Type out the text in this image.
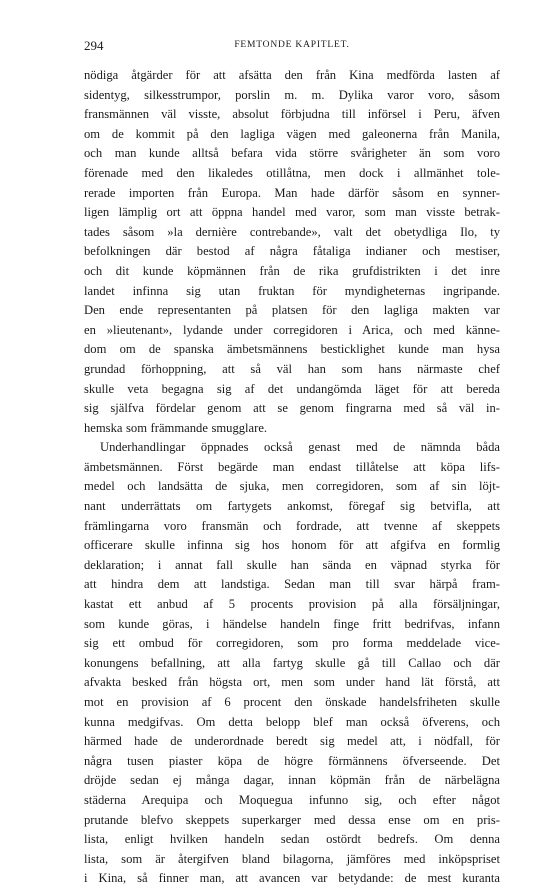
294	FEMTONDE KAPITLET.
nödiga åtgärder för att afsätta den från Kina medförda lasten af
sidentyg, silkesstrumpor, porslin m. m. Dylika varor voro, såsom
fransmännen väl visste, absolut förbjudna till införsel i Peru, äfven
om de kommit på den lagliga vägen med galeonerna från Manila,
och man kunde alltså befara vida större svårigheter än som voro
förenade med den likaledes otillåtna, men dock i allmänhet tole-
rerade importen från Europa. Man hade därför såsom en synner-
ligen lämplig ort att öppna handel med varor, som man visste betrak-
tades såsom »la dernière contrebande», valt det obetydliga Ilo, ty
befolkningen där bestod af några fåtaliga indianer och mestiser,
och dit kunde köpmännen från de rika grufdistrikten i det inre
landet infinna sig utan fruktan för myndigheternas ingripande.
Den ende representanten på platsen för den lagliga makten var
en »lieutenant», lydande under corregidoren i Arica, och med känne-
dom om de spanska ämbetsmännens besticklighet kunde man hysa
grundad förhoppning, att så väl han som hans närmaste chef
skulle veta begagna sig af det undangömda läget för att bereda
sig själfva fördelar genom att se genom fingrarna med så väl in-
hemska som främmande smugglare.
Underhandlingar öppnades också genast med de nämnda båda
ämbetsmännen. Först begärde man endast tillåtelse att köpa lifs-
medel och landsätta de sjuka, men corregidoren, som af sin löjt-
nant underrättats om fartygets ankomst, föregaf sig betvifla, att
främlingarna voro fransmän och fordrade, att tvenne af skeppets
officerare skulle infinna sig hos honom för att afgifva en formlig
deklaration; i annat fall skulle han sända en väpnad styrka för
att hindra dem att landstiga. Sedan man till svar härpå fram-
kastat ett anbud af 5 procents provision på alla försäljningar,
som kunde göras, i händelse handeln finge fritt bedrifvas, infann
sig ett ombud för corregidoren, som pro forma meddelade vice-
konungens befallning, att alla fartyg skulle gå till Callao och där
afvakta besked från högsta ort, men som under hand lät förstå, att
mot en provision af 6 procent den önskade handelsfriheten skulle
kunna medgifvas. Om detta belopp blef man också öfverens, och
härmed hade de underordnade beredt sig medel att, i nödfall, för
några tusen piaster köpa de högre förmännens öfverseende. Det
dröjde sedan ej många dagar, innan köpmän från de närbelägna
städerna Arequipa och Moquegua infunno sig, och efter något
prutande blefvo skeppets superkarger med dessa ense om en pris-
lista, enligt hvilken handeln sedan ostördt bedrefs. Om denna
lista, som är återgifven bland bilagorna, jämföres med inköpspriset
i Kina, så finner man, att avancen var betydande: de mest kuranta
